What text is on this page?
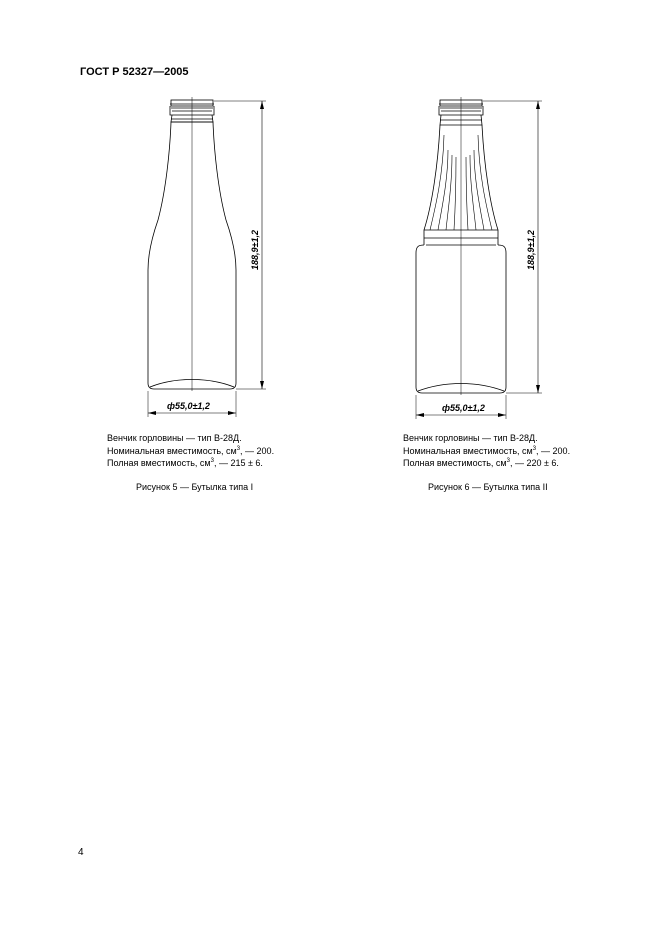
ГОСТ Р 52327—2005
188,9±1,2
ф55,0±1,2
188,9±1,2
ф55,0±1,2
Венчик горловины — тип В-28Д.
Номинальная вместимость, $см^3$, — 200.
Полная вместимость, $см^3$, — 215 ± 6.
Рисунок 5 — Бутылка типа I
Венчик горловины — тип В-28Д.
Номинальная вместимость, $см^3$, — 200.
Полная вместимость, $см^3$, — 220 ± 6.
Рисунок 6 — Бутылка типа II
4
